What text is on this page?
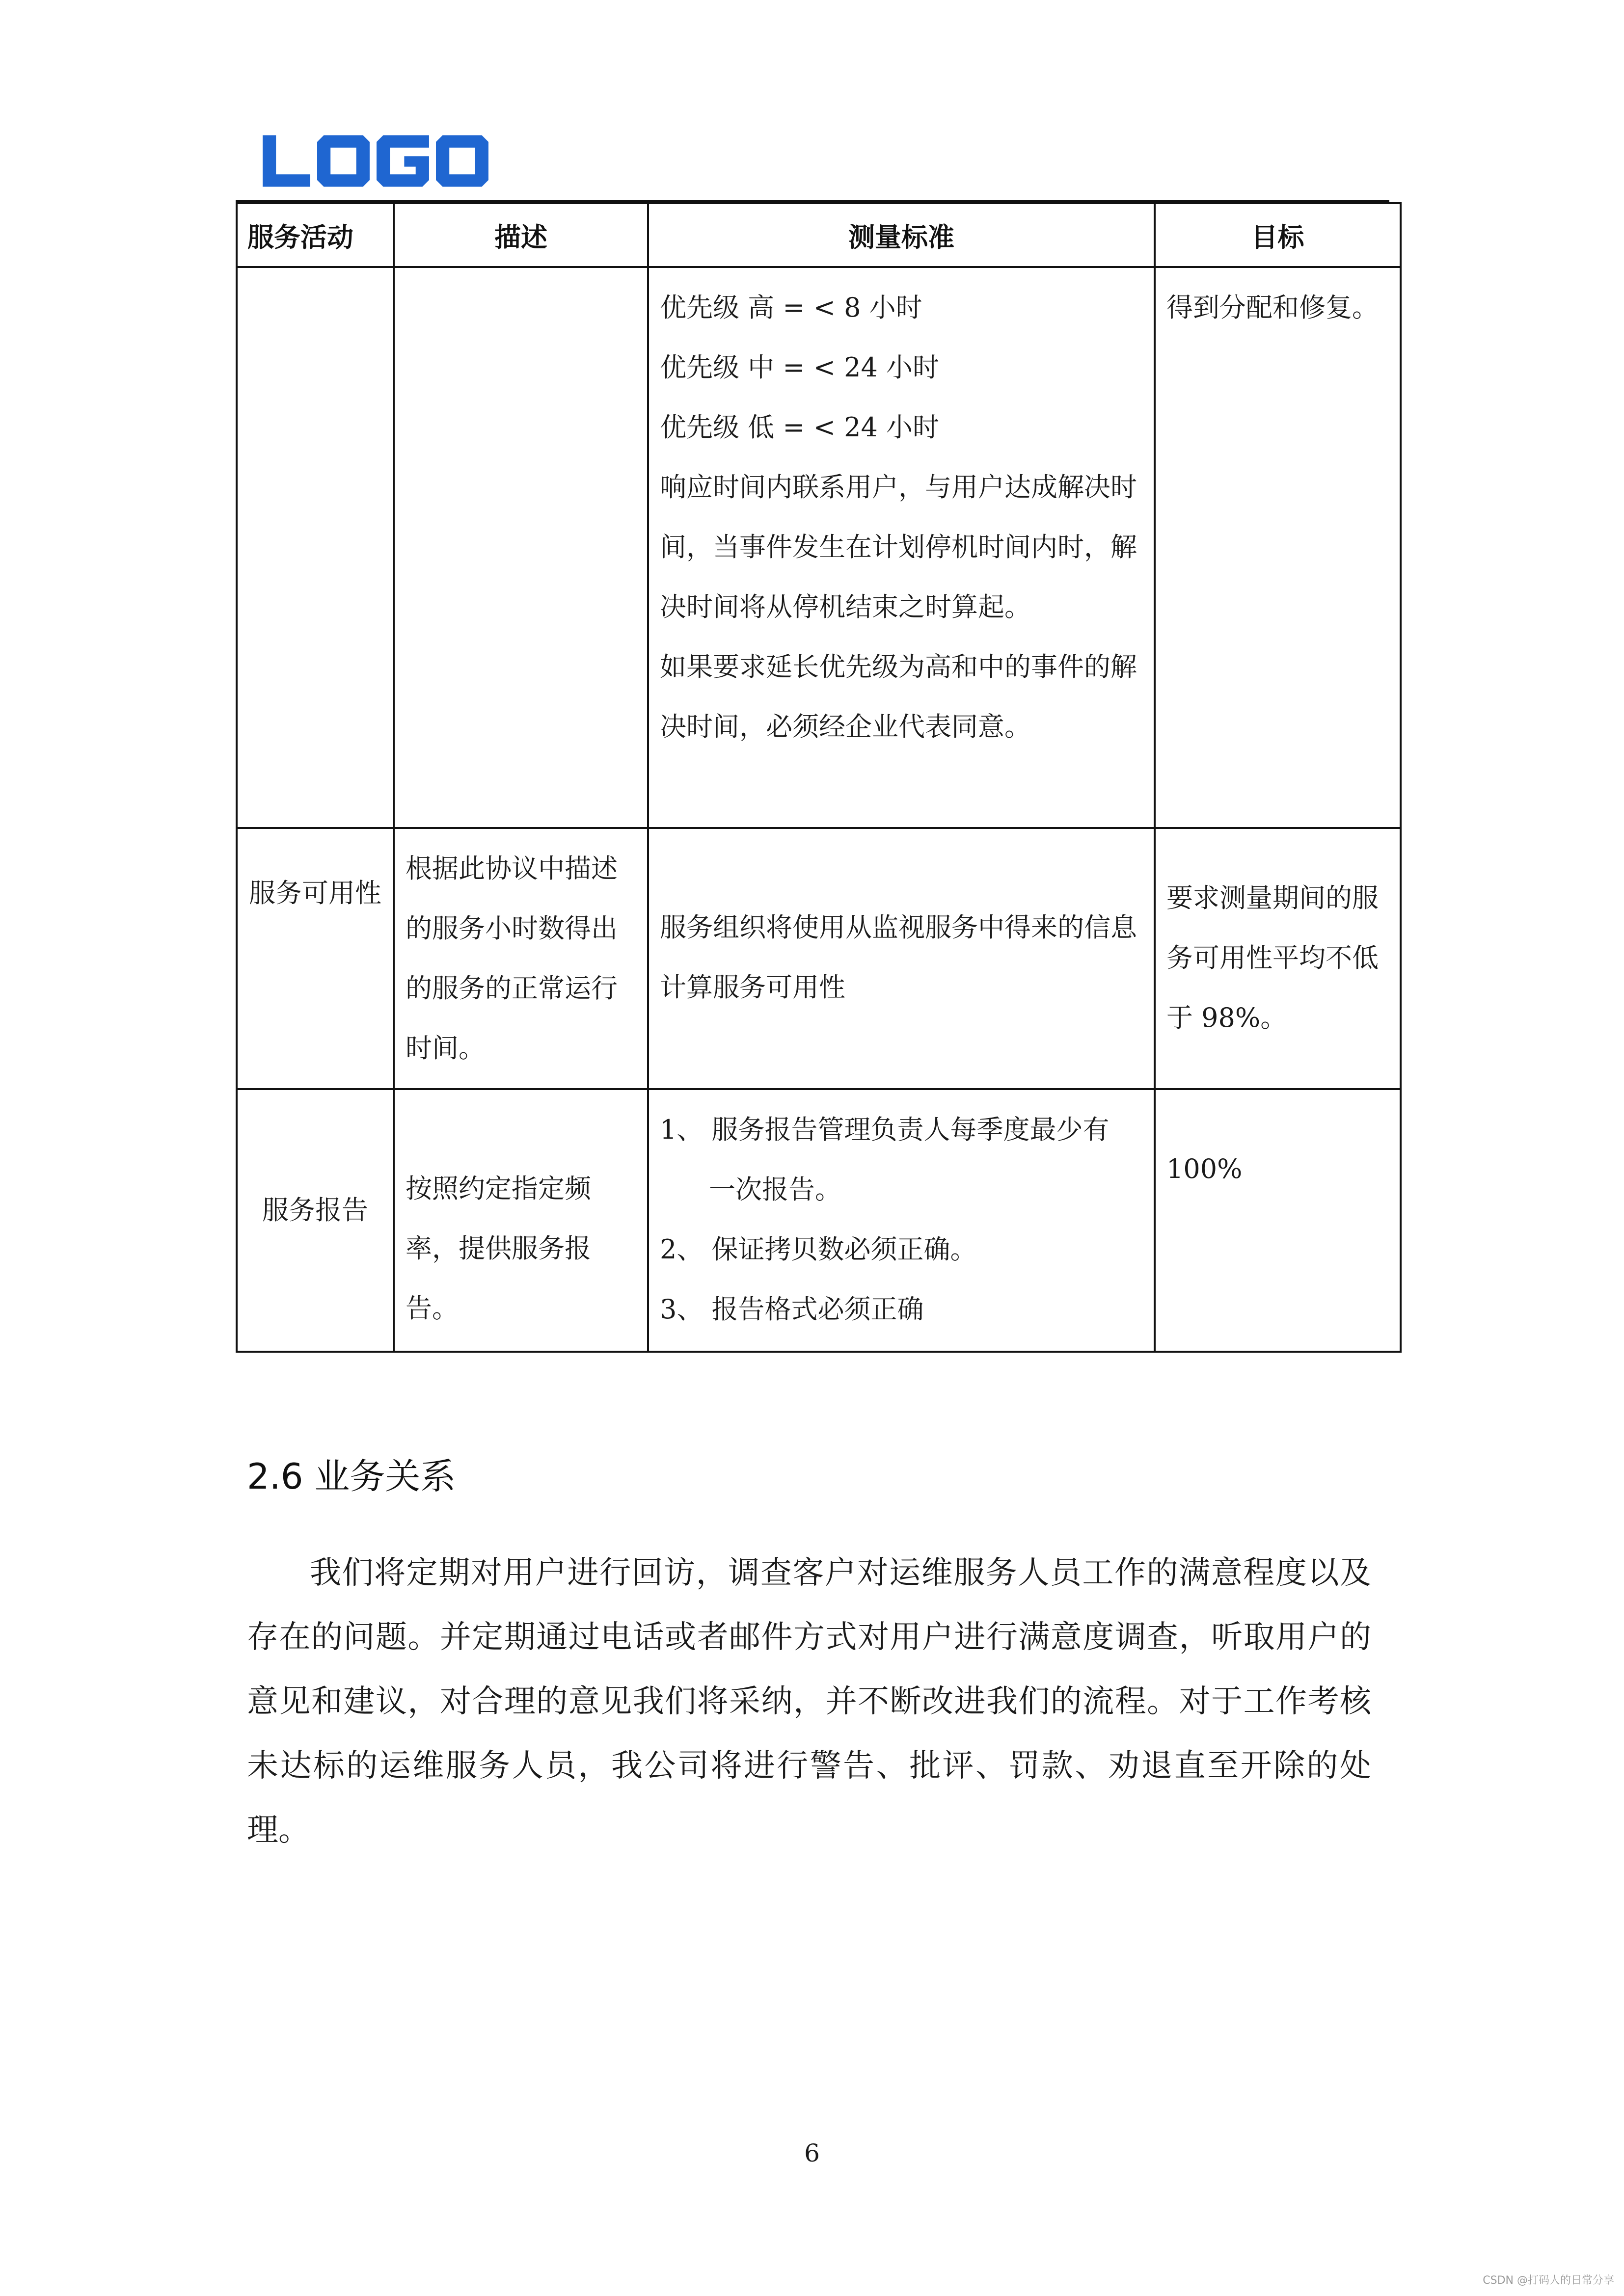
服务活动	描述	测量标准	目标

		优先级 高 = < 8 小时

优先级 中 = < 24 小时

优先级 低 = < 24 小时

响应时间内联系用户，与用户达成解决时间，当事件发生在计划停机时间内时，解决时间将从停机结束之时算起。

如果要求延长优先级为高和中的事件的解决时间，必须经企业代表同意。	得到分配和修复。

服务可用性	根据此协议中描述的服务小时数得出的服务的正常运行时间。	服务组织将使用从监视服务中得来的信息计算服务可用性	要求测量期间的服务可用性平均不低于 98%。

服务报告	按照约定指定频率，提供服务报告。	1、 服务报告管理负责人每季度最少有

一次报告。

2、 保证拷贝数必须正确。

3、 报告格式必须正确	100%
2.6 业务关系

我们将定期对用户进行回访，调查客户对运维服务人员工作的满意程度以及存在的问题。并定期通过电话或者邮件方式对用户进行满意度调查，听取用户的意见和建议，对合理的意见我们将采纳，并不断改进我们的流程。对于工作考核未达标的运维服务人员，我公司将进行警告、批评、罚款、劝退直至开除的处理。

6
CSDN @打码人的日常分享
